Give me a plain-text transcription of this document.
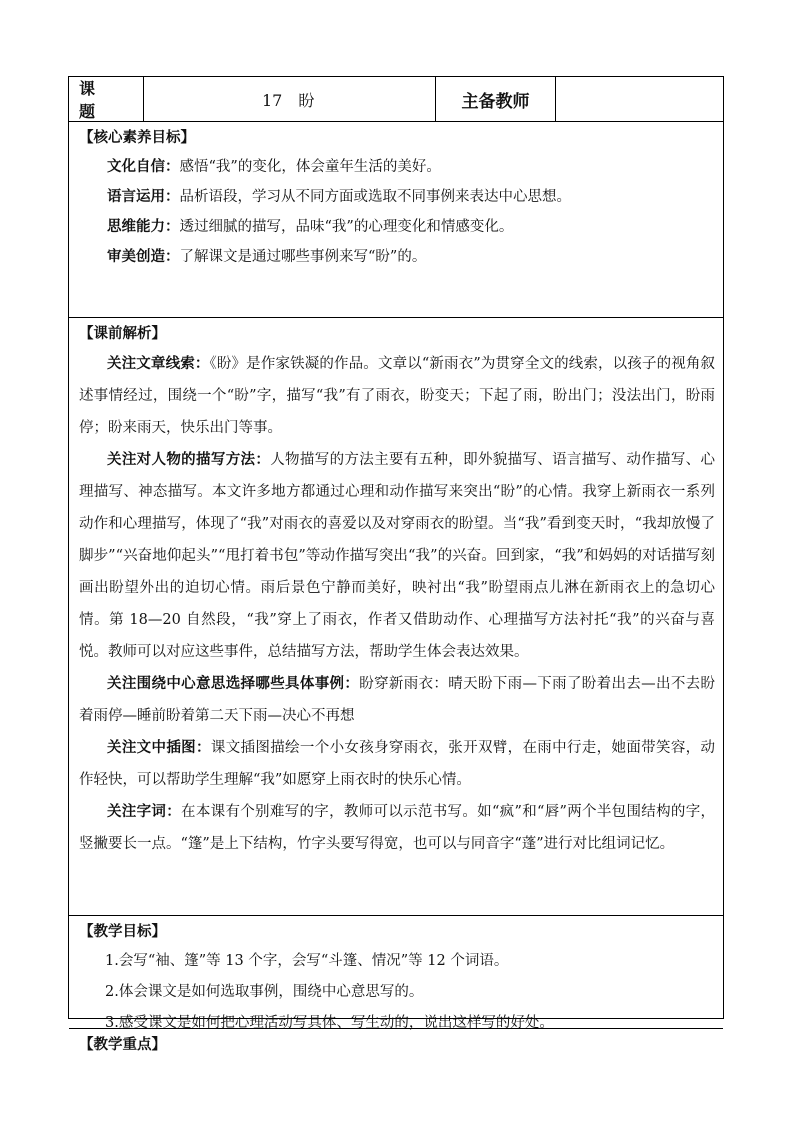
课 题
17　盼	主备教师
【核心素养目标】
文化自信：感悟“我”的变化，体会童年生活的美好。
语言运用：品析语段，学习从不同方面或选取不同事例来表达中心思想。
思维能力：透过细腻的描写，品味“我”的心理变化和情感变化。
审美创造：了解课文是通过哪些事例来写“盼”的。
【课前解析】

关注文章线索：《盼》是作家铁凝的作品。文章以“新雨衣”为贯穿全文的线索，以孩子的视角叙述事情经过，围绕一个“盼”字，描写“我”有了雨衣，盼变天；下起了雨，盼出门；没法出门，盼雨停；盼来雨天，快乐出门等事。

关注对人物的描写方法：人物描写的方法主要有五种，即外貌描写、语言描写、动作描写、心理描写、神态描写。本文许多地方都通过心理和动作描写来突出“盼”的心情。我穿上新雨衣一系列动作和心理描写，体现了“我”对雨衣的喜爱以及对穿雨衣的盼望。当“我”看到变天时，“我却放慢了脚步”“兴奋地仰起头”“甩打着书包”等动作描写突出“我”的兴奋。回到家，“我”和妈妈的对话描写刻画出盼望外出的迫切心情。雨后景色宁静而美好，映衬出“我”盼望雨点儿淋在新雨衣上的急切心情。第 18—20 自然段，“我”穿上了雨衣，作者又借助动作、心理描写方法衬托“我”的兴奋与喜悦。教师可以对应这些事件，总结描写方法，帮助学生体会表达效果。

关注围绕中心意思选择哪些具体事例：盼穿新雨衣：晴天盼下雨—下雨了盼着出去—出不去盼着雨停—睡前盼着第二天下雨—决心不再想

关注文中插图：课文插图描绘一个小女孩身穿雨衣，张开双臂，在雨中行走，她面带笑容，动作轻快，可以帮助学生理解“我”如愿穿上雨衣时的快乐心情。

关注字词：在本课有个别难写的字，教师可以示范书写。如“疯”和“唇”两个半包围结构的字，竖撇要长一点。“篷”是上下结构，竹字头要写得宽，也可以与同音字“蓬”进行对比组词记忆。

【教学目标】
1.会写“袖、篷”等 13 个字，会写“斗篷、情况”等 12 个词语。
2.体会课文是如何选取事例，围绕中心意思写的。
3.感受课文是如何把心理活动写具体、写生动的，说出这样写的好处。
【教学重点】
